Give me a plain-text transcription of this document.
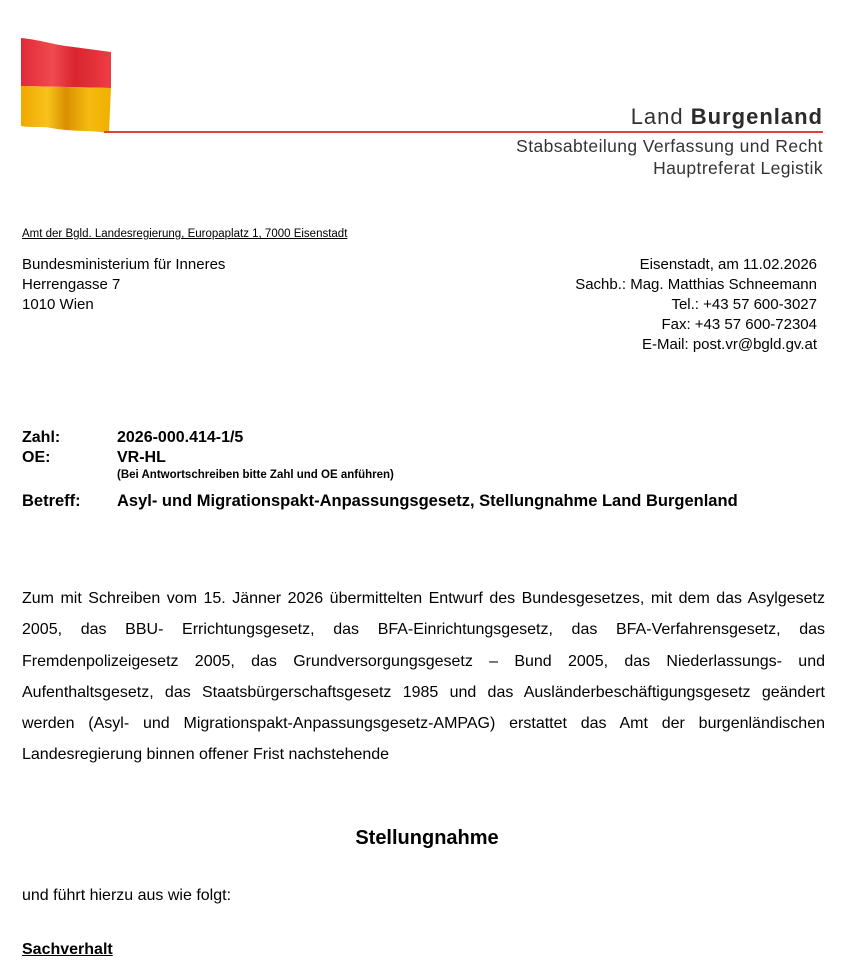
Land Burgenland
Stabsabteilung Verfassung und Recht
Hauptreferat Legistik
Amt der Bgld. Landesregierung, Europaplatz 1, 7000 Eisenstadt
Bundesministerium für Inneres
Herrengasse 7
1010 Wien
Eisenstadt, am 11.02.2026
Sachb.: Mag. Matthias Schneemann
Tel.: +43 57 600-3027
Fax: +43 57 600-72304
E-Mail: post.vr@bgld.gv.at
Zahl:	2026-000.414-1/5
OE:	VR-HL
(Bei Antwortschreiben bitte Zahl und OE anführen)
Betreff: Asyl- und Migrationspakt-Anpassungsgesetz, Stellungnahme Land Burgenland
Zum mit Schreiben vom 15. Jänner 2026 übermittelten Entwurf des Bundesgesetzes, mit dem das Asylgesetz 2005, das BBU- Errichtungsgesetz, das BFA-Einrichtungsgesetz, das BFA-Verfahrensgesetz, das Fremdenpolizeigesetz 2005, das Grundversorgungsgesetz – Bund 2005, das Niederlassungs- und Aufenthaltsgesetz, das Staatsbürgerschaftsgesetz 1985 und das Ausländerbeschäftigungsgesetz geändert werden (Asyl- und Migrationspakt-Anpassungsgesetz-AMPAG) erstattet das Amt der burgenländischen Landesregierung binnen offener Frist nachstehende
Stellungnahme
und führt hierzu aus wie folgt:
Sachverhalt
